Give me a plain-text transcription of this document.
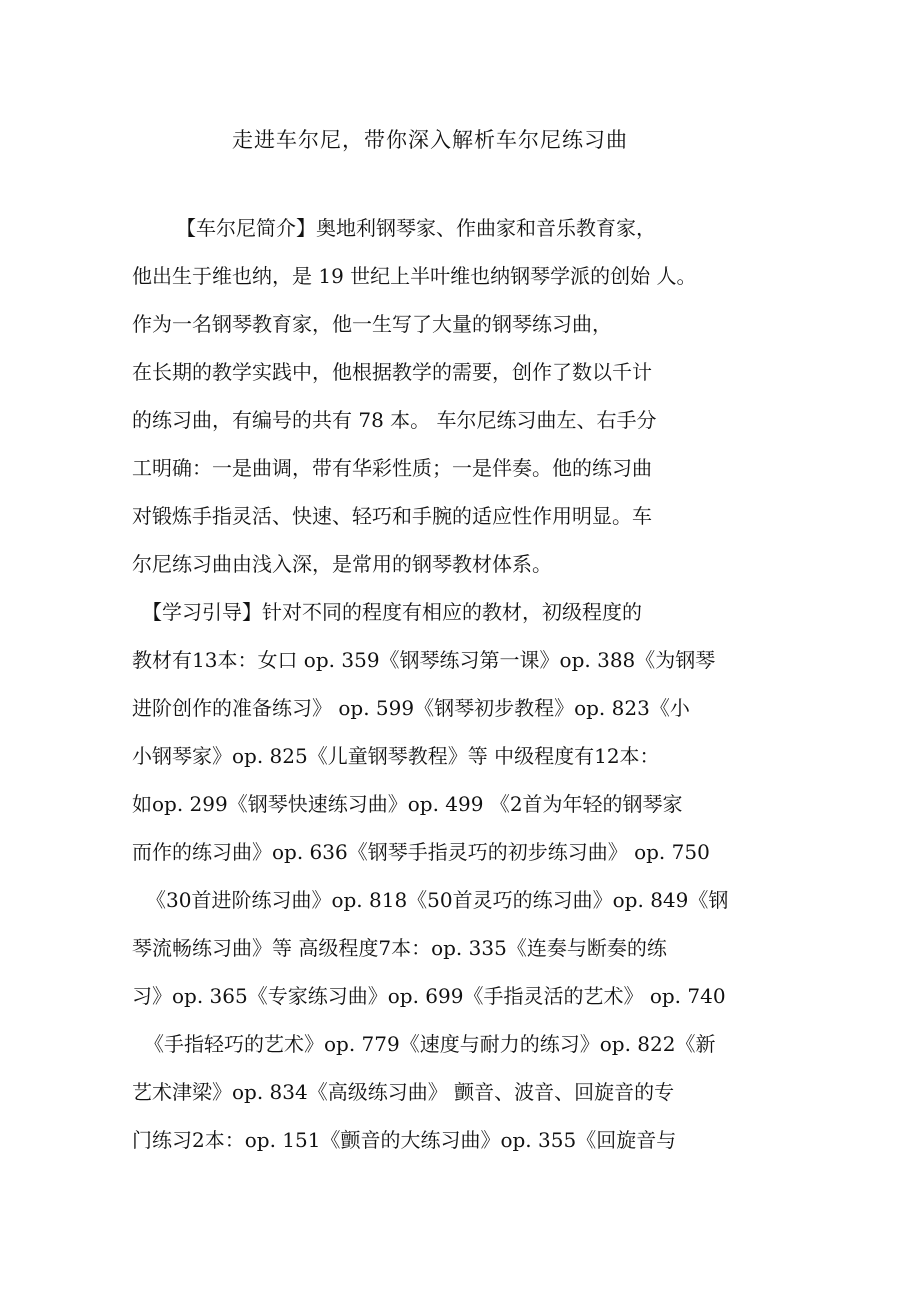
走进车尔尼，带你深入解析车尔尼练习曲
【车尔尼简介】奥地利钢琴家、作曲家和音乐教育家，
他出生于维也纳，是 19 世纪上半叶维也纳钢琴学派的创始 人。
作为一名钢琴教育家，他一生写了大量的钢琴练习曲，
在长期的教学实践中，他根据教学的需要，创作了数以千计
的练习曲，有编号的共有 78 本。 车尔尼练习曲左、右手分
工明确：一是曲调，带有华彩性质；一是伴奏。他的练习曲
对锻炼手指灵活、快速、轻巧和手腕的适应性作用明显。车
尔尼练习曲由浅入深，是常用的钢琴教材体系。
【学习引导】针对不同的程度有相应的教材，初级程度的
教材有13本：女口 op. 359《钢琴练习第一课》op. 388《为钢琴
进阶创作的准备练习》 op. 599《钢琴初步教程》op. 823《小
小钢琴家》op. 825《儿童钢琴教程》等 中级程度有12本：
如op. 299《钢琴快速练习曲》op. 499 《2首为年轻的钢琴家
而作的练习曲》op. 636《钢琴手指灵巧的初步练习曲》 op. 750
《30首进阶练习曲》op. 818《50首灵巧的练习曲》op. 849《钢
琴流畅练习曲》等 高级程度7本：op. 335《连奏与断奏的练
习》op. 365《专家练习曲》op. 699《手指灵活的艺术》 op. 740
《手指轻巧的艺术》op. 779《速度与耐力的练习》op. 822《新
艺术津梁》op. 834《高级练习曲》 颤音、波音、回旋音的专
门练习2本：op. 151《颤音的大练习曲》op. 355《回旋音与
